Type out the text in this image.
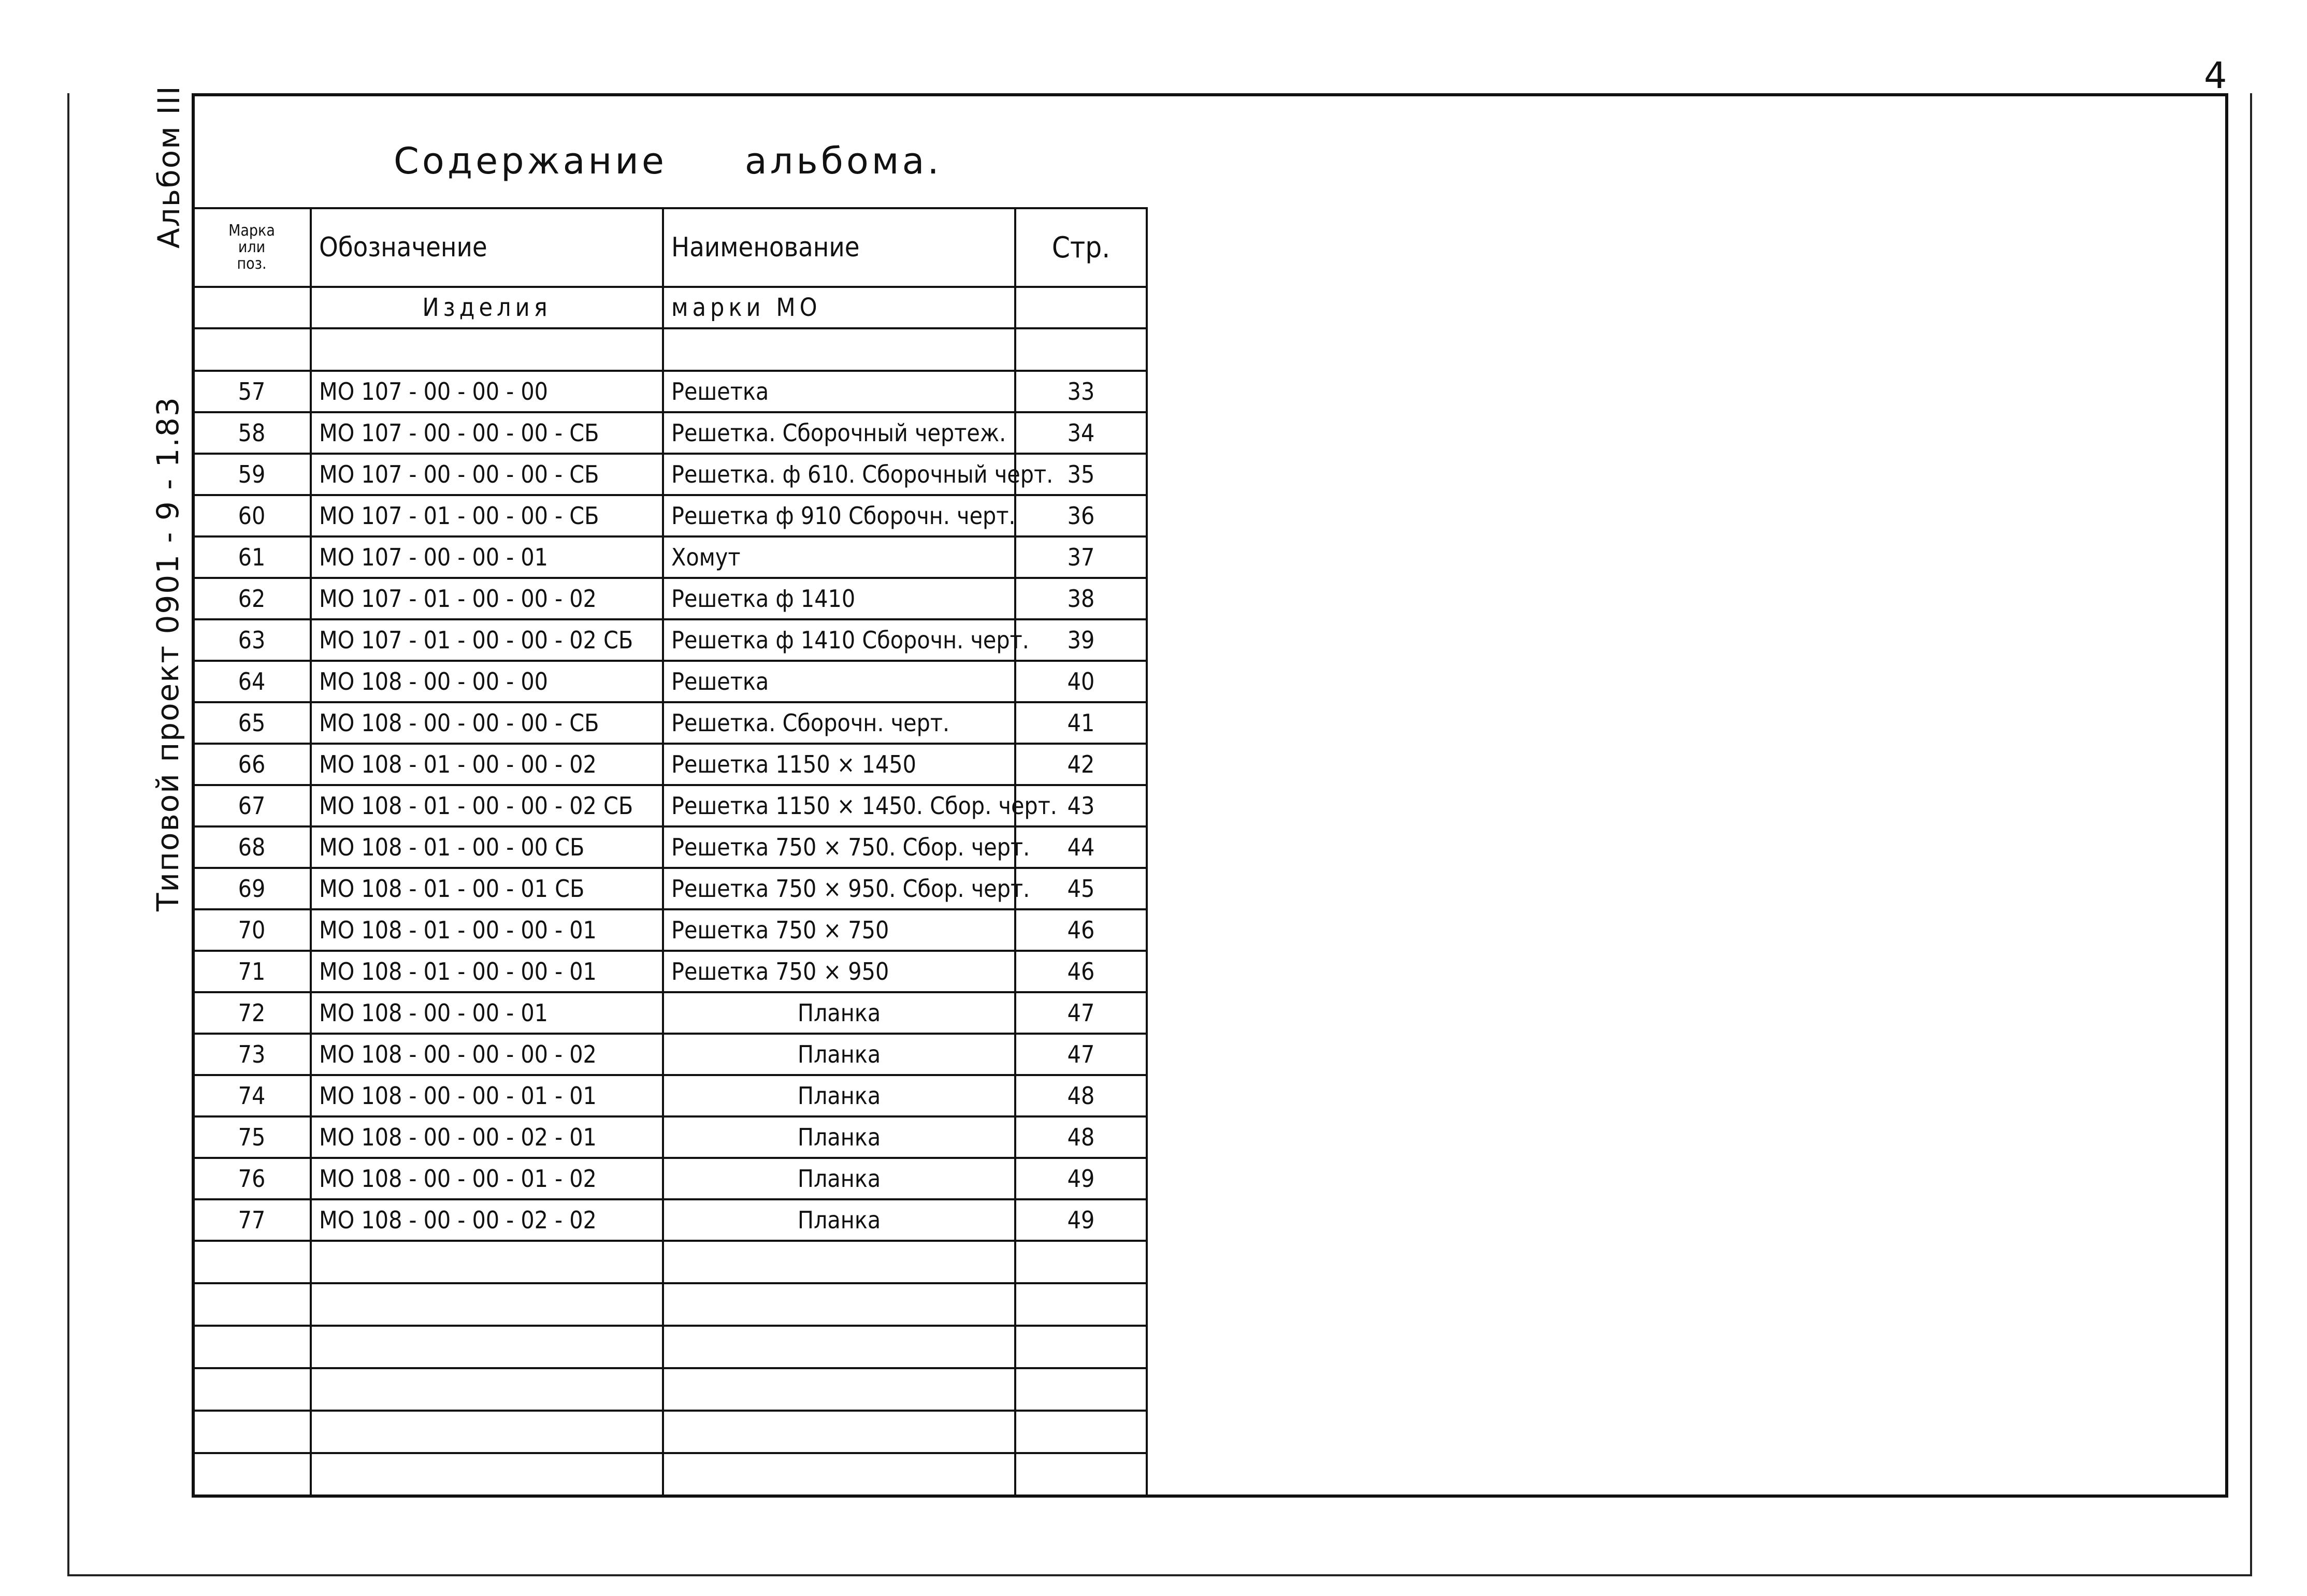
4
Альбом III
Типовой проект 0901 - 9 - 1.83
Содержание альбома.
Марка
или
поз.	Обозначение	Наименование	Стр.
	Изделия	марки МО	

57	МО 107 - 00 - 00 - 00	Решетка	33
58	МО 107 - 00 - 00 - 00 - СБ	Решетка. Сборочный чертеж.	34
59	МО 107 - 00 - 00 - 00 - СБ	Решетка. ф 610. Сборочный черт.	35
60	МО 107 - 01 - 00 - 00 - СБ	Решетка ф 910 Сборочн. черт.	36
61	МО 107 - 00 - 00 - 01	Хомут	37
62	МО 107 - 01 - 00 - 00 - 02	Решетка ф 1410	38
63	МО 107 - 01 - 00 - 00 - 02 СБ	Решетка ф 1410 Сборочн. черт.	39
64	МО 108 - 00 - 00 - 00	Решетка	40
65	МО 108 - 00 - 00 - 00 - СБ	Решетка. Сборочн. черт.	41
66	МО 108 - 01 - 00 - 00 - 02	Решетка 1150 × 1450	42
67	МО 108 - 01 - 00 - 00 - 02 СБ	Решетка 1150 × 1450. Сбор. черт.	43
68	МО 108 - 01 - 00 - 00 СБ	Решетка 750 × 750. Сбор. черт.	44
69	МО 108 - 01 - 00 - 01 СБ	Решетка 750 × 950. Сбор. черт.	45
70	МО 108 - 01 - 00 - 00 - 01	Решетка 750 × 750	46
71	МО 108 - 01 - 00 - 00 - 01	Решетка 750 × 950	46
72	МО 108 - 00 - 00 - 01	Планка	47
73	МО 108 - 00 - 00 - 00 - 02	Планка	47
74	МО 108 - 00 - 00 - 01 - 01	Планка	48
75	МО 108 - 00 - 00 - 02 - 01	Планка	48
76	МО 108 - 00 - 00 - 01 - 02	Планка	49
77	МО 108 - 00 - 00 - 02 - 02	Планка	49
